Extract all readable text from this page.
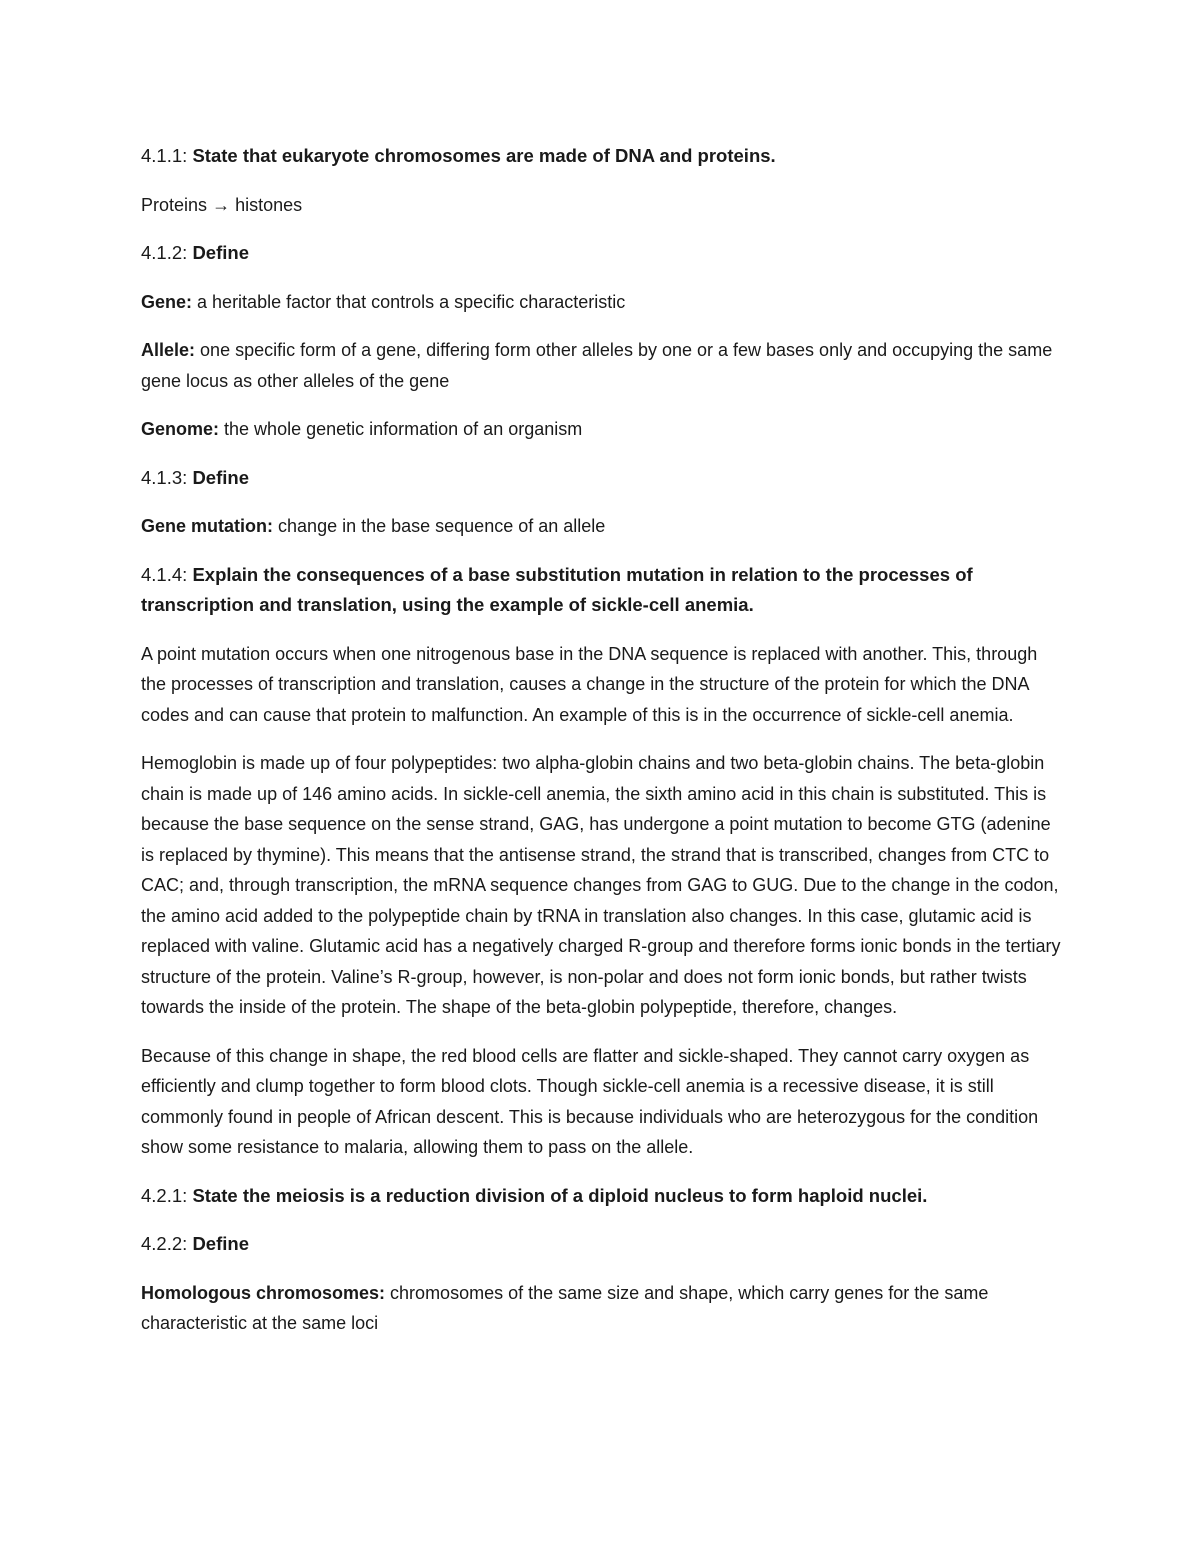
4.1.1: State that eukaryote chromosomes are made of DNA and proteins.

Proteins → histones

4.1.2: Define

Gene: a heritable factor that controls a specific characteristic

Allele: one specific form of a gene, differing form other alleles by one or a few bases only and occupying the same gene locus as other alleles of the gene

Genome: the whole genetic information of an organism

4.1.3: Define

Gene mutation: change in the base sequence of an allele

4.1.4: Explain the consequences of a base substitution mutation in relation to the processes of transcription and translation, using the example of sickle-cell anemia.

A point mutation occurs when one nitrogenous base in the DNA sequence is replaced with another. This, through the processes of transcription and translation, causes a change in the structure of the protein for which the DNA codes and can cause that protein to malfunction. An example of this is in the occurrence of sickle-cell anemia.

Hemoglobin is made up of four polypeptides: two alpha-globin chains and two beta-globin chains. The beta-globin chain is made up of 146 amino acids. In sickle-cell anemia, the sixth amino acid in this chain is substituted. This is because the base sequence on the sense strand, GAG, has undergone a point mutation to become GTG (adenine is replaced by thymine). This means that the antisense strand, the strand that is transcribed, changes from CTC to CAC; and, through transcription, the mRNA sequence changes from GAG to GUG. Due to the change in the codon, the amino acid added to the polypeptide chain by tRNA in translation also changes. In this case, glutamic acid is replaced with valine. Glutamic acid has a negatively charged R-group and therefore forms ionic bonds in the tertiary structure of the protein. Valine’s R-group, however, is non-polar and does not form ionic bonds, but rather twists towards the inside of the protein. The shape of the beta-globin polypeptide, therefore, changes.

Because of this change in shape, the red blood cells are flatter and sickle-shaped. They cannot carry oxygen as efficiently and clump together to form blood clots. Though sickle-cell anemia is a recessive disease, it is still commonly found in people of African descent. This is because individuals who are heterozygous for the condition show some resistance to malaria, allowing them to pass on the allele.

4.2.1: State the meiosis is a reduction division of a diploid nucleus to form haploid nuclei.

4.2.2: Define

Homologous chromosomes: chromosomes of the same size and shape, which carry genes for the same characteristic at the same loci
